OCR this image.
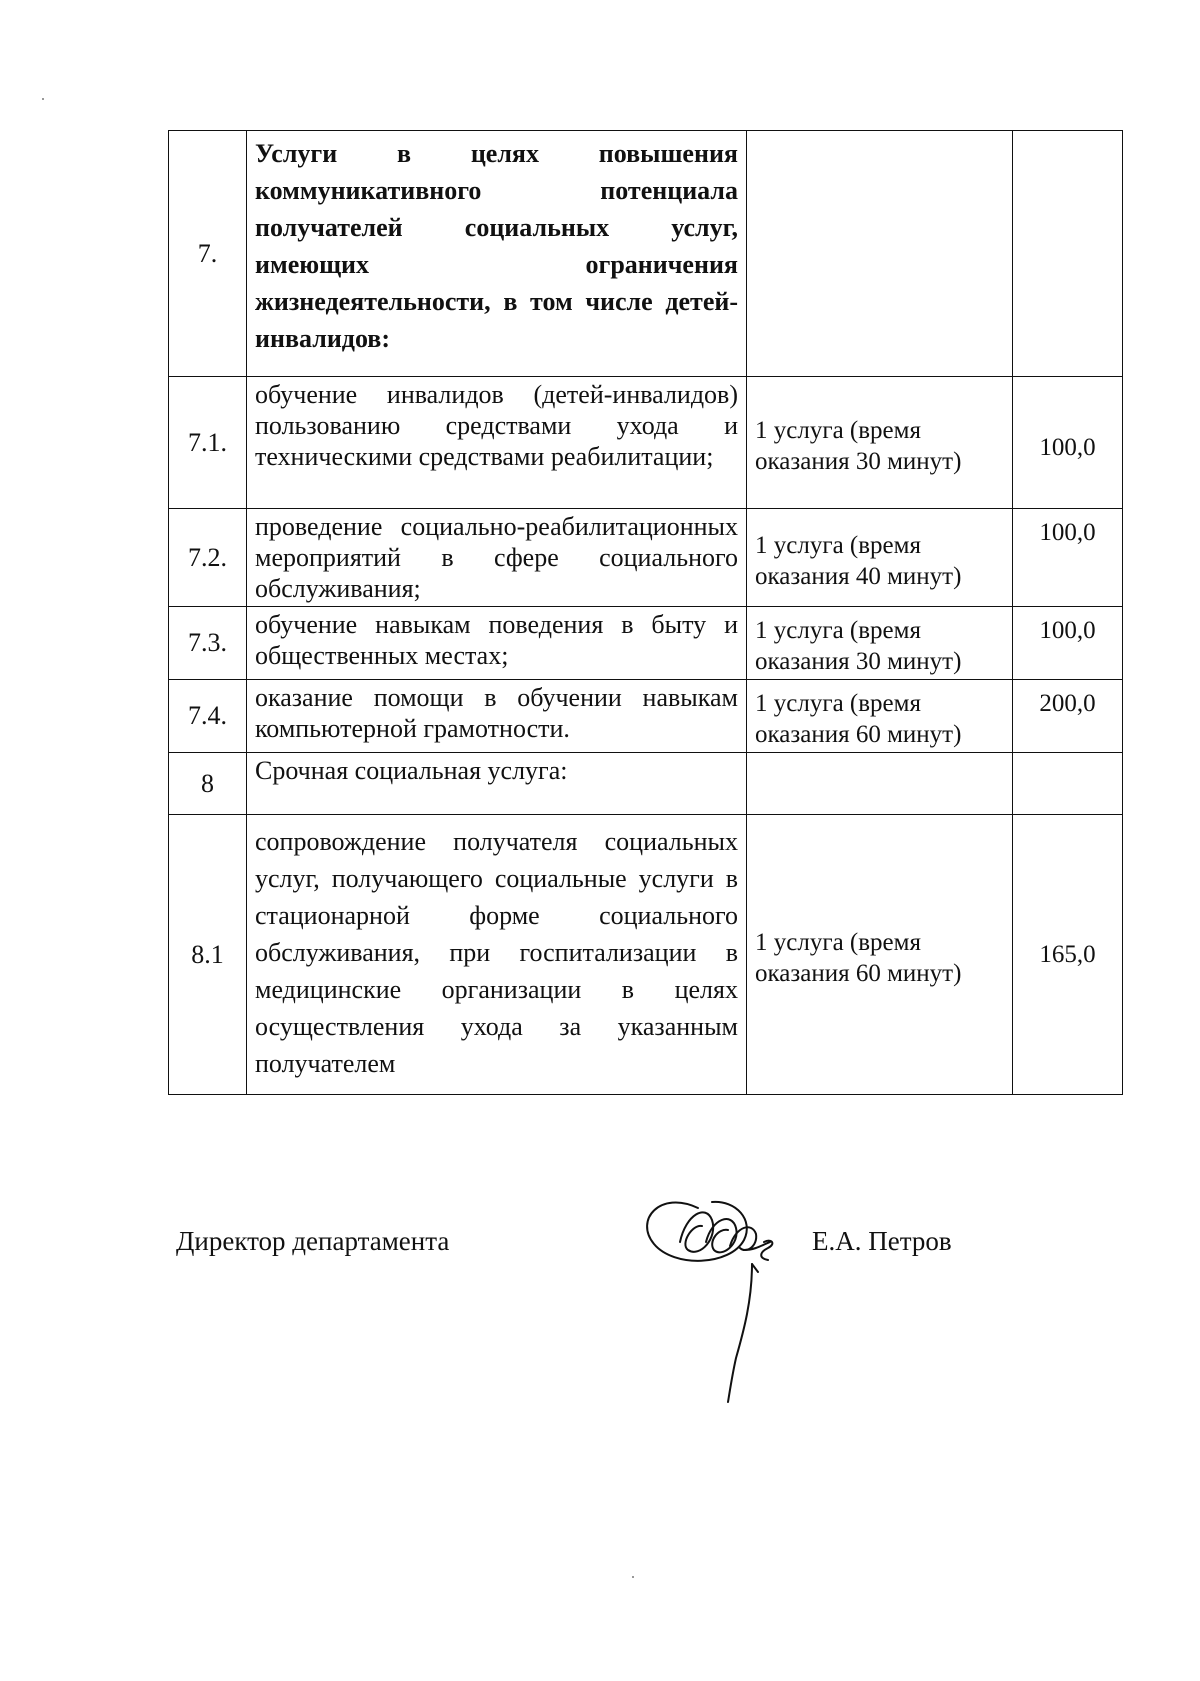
7.	Услуги в целях повышения коммуникативного потенциала получателей социальных услуг, имеющих ограничения жизнедеятельности, в том числе детей-инвалидов:		
7.1.	обучение инвалидов (детей-инвалидов) пользованию средствами ухода и техническими средствами реабилитации;	1 услуга (время оказания 30 минут)	100,0
7.2.	проведение социально-реабилитационных мероприятий в сфере социального обслуживания;	1 услуга (время оказания 40 минут)	100,0
7.3.	обучение навыкам поведения в быту и общественных местах;	1 услуга (время оказания 30 минут)	100,0
7.4.	оказание помощи в обучении навыкам компьютерной грамотности.	1 услуга (время оказания 60 минут)	200,0
8	Срочная социальная услуга:		
8.1	сопровождение получателя социальных услуг, получающего социальные услуги в стационарной форме социального обслуживания, при госпитализации в медицинские организации в целях осуществления ухода за указанным получателем	1 услуга (время оказания 60 минут)	165,0
Директор департамента	Е.А. Петров
